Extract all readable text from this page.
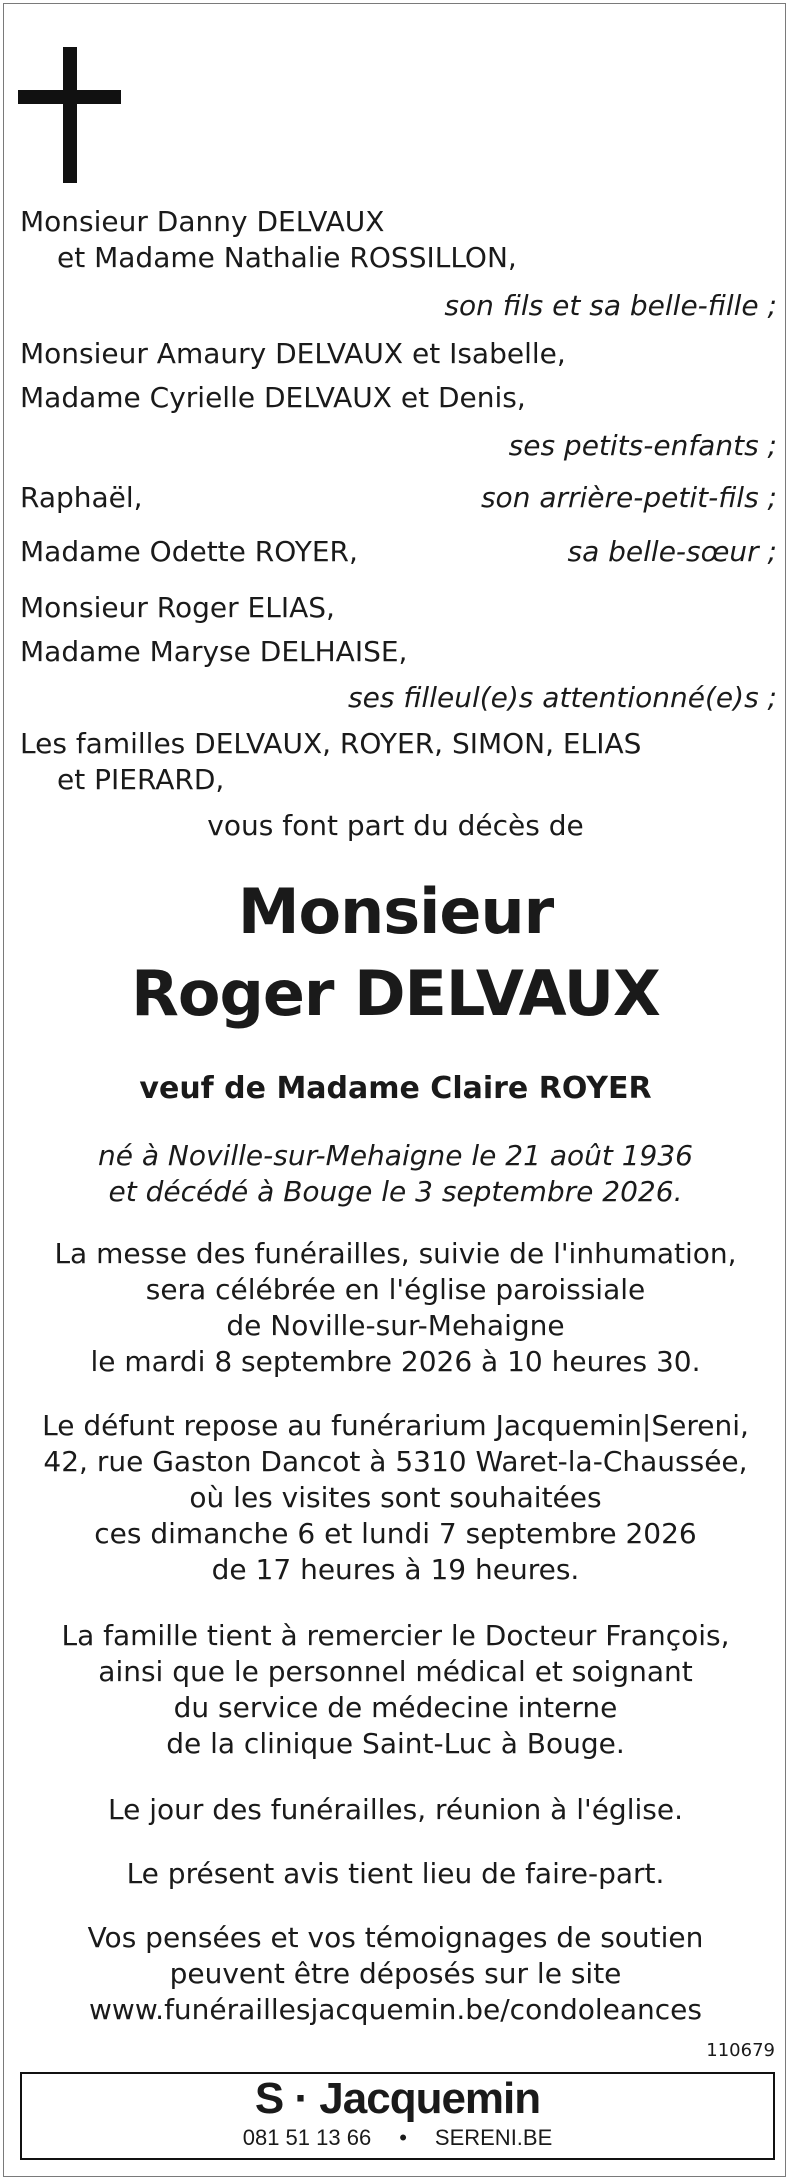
Monsieur Danny DELVAUX
et Madame Nathalie ROSSILLON,
son fils et sa belle-fille ;
Monsieur Amaury DELVAUX et Isabelle,
Madame Cyrielle DELVAUX et Denis,
ses petits-enfants ;
Raphaël,	son arrière-petit-fils ;
Madame Odette ROYER,	sa belle-sœur ;
Monsieur Roger ELIAS,
Madame Maryse DELHAISE,
ses filleul(e)s attentionné(e)s ;
Les familles DELVAUX, ROYER, SIMON, ELIAS
et PIERARD,
vous font part du décès de
Monsieur
Roger DELVAUX
veuf de Madame Claire ROYER
né à Noville-sur-Mehaigne le 21 août 1936
et décédé à Bouge le 3 septembre 2026.
La messe des funérailles, suivie de l'inhumation,
sera célébrée en l'église paroissiale
de Noville-sur-Mehaigne
le mardi 8 septembre 2026 à 10 heures 30.
Le défunt repose au funérarium Jacquemin|Sereni,
42, rue Gaston Dancot à 5310 Waret-la-Chaussée,
où les visites sont souhaitées
ces dimanche 6 et lundi 7 septembre 2026
de 17 heures à 19 heures.
La famille tient à remercier le Docteur François,
ainsi que le personnel médical et soignant
du service de médecine interne
de la clinique Saint-Luc à Bouge.
Le jour des funérailles, réunion à l'église.
Le présent avis tient lieu de faire-part.
Vos pensées et vos témoignages de soutien
peuvent être déposés sur le site
www.funéraillesjacquemin.be/condoleances
110679
S · Jacquemin
081 51 13 66 • SERENI.BE
